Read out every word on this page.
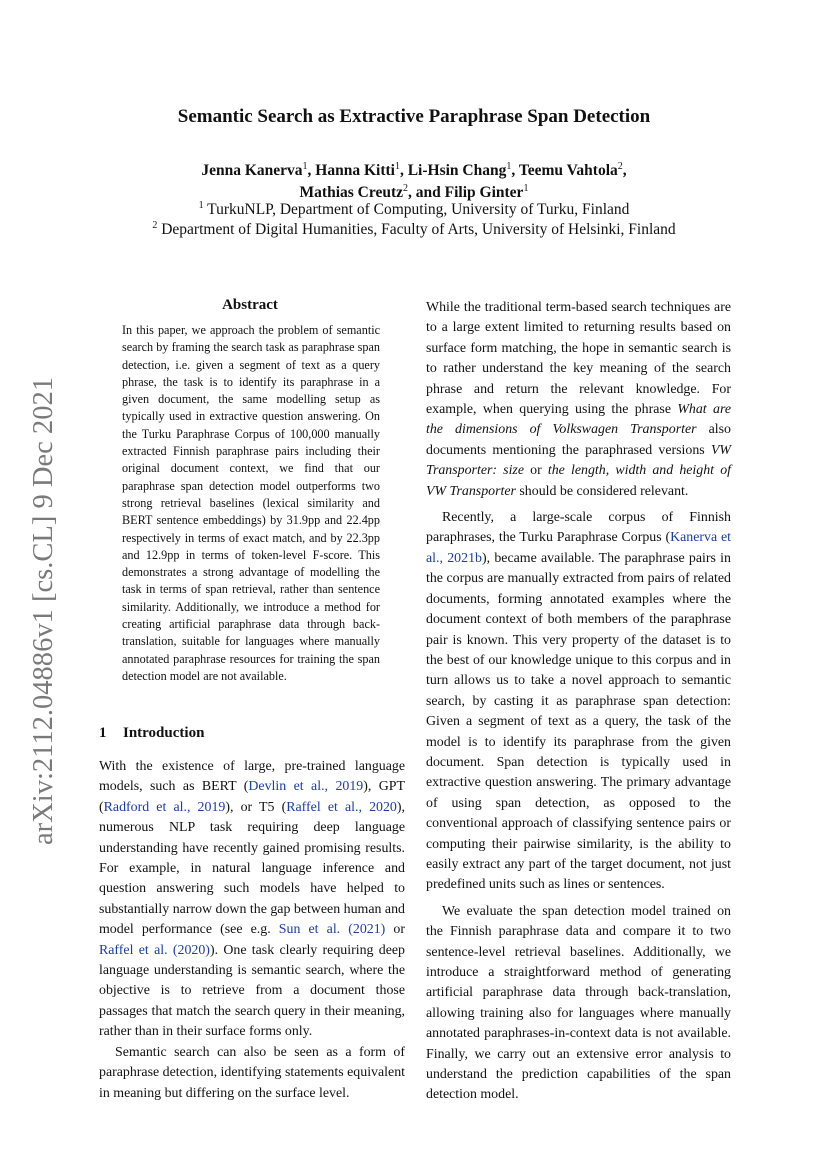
arXiv:2112.04886v1 [cs.CL] 9 Dec 2021
Semantic Search as Extractive Paraphrase Span Detection
Jenna Kanerva$^1$, Hanna Kitti$^1$, Li-Hsin Chang$^1$, Teemu Vahtola$^2$,
Mathias Creutz$^2$, and Filip Ginter$^1$
$^1$ TurkuNLP, Department of Computing, University of Turku, Finland
$^2$ Department of Digital Humanities, Faculty of Arts, University of Helsinki, Finland
Abstract

In this paper, we approach the problem of semantic search by framing the search task as paraphrase span detection, i.e. given a segment of text as a query phrase, the task is to identify its paraphrase in a given document, the same modelling setup as typically used in extractive question answering. On the Turku Paraphrase Corpus of 100,000 manually extracted Finnish paraphrase pairs including their original document context, we find that our paraphrase span detection model outperforms two strong retrieval baselines (lexical similarity and BERT sentence embeddings) by 31.9pp and 22.4pp respectively in terms of exact match, and by 22.3pp and 12.9pp in terms of token-level F-score. This demonstrates a strong advantage of modelling the task in terms of span retrieval, rather than sentence similarity. Additionally, we introduce a method for creating artificial paraphrase data through back-translation, suitable for languages where manually annotated paraphrase resources for training the span detection model are not available.

1 Introduction

With the existence of large, pre-trained language models, such as BERT (Devlin et al., 2019), GPT (Radford et al., 2019), or T5 (Raffel et al., 2020), numerous NLP task requiring deep language understanding have recently gained promising results. For example, in natural language inference and question answering such models have helped to substantially narrow down the gap between human and model performance (see e.g. Sun et al. (2021) or Raffel et al. (2020)). One task clearly requiring deep language understanding is semantic search, where the objective is to retrieve from a document those passages that match the search query in their meaning, rather than in their surface forms only.

Semantic search can also be seen as a form of paraphrase detection, identifying statements equivalent in meaning but differing on the surface level.

While the traditional term-based search techniques are to a large extent limited to returning results based on surface form matching, the hope in semantic search is to rather understand the key meaning of the search phrase and return the relevant knowledge. For example, when querying using the phrase What are the dimensions of Volkswagen Transporter also documents mentioning the paraphrased versions VW Transporter: size or the length, width and height of VW Transporter should be considered relevant.

Recently, a large-scale corpus of Finnish paraphrases, the Turku Paraphrase Corpus (Kanerva et al., 2021b), became available. The paraphrase pairs in the corpus are manually extracted from pairs of related documents, forming annotated examples where the document context of both members of the paraphrase pair is known. This very property of the dataset is to the best of our knowledge unique to this corpus and in turn allows us to take a novel approach to semantic search, by casting it as paraphrase span detection: Given a segment of text as a query, the task of the model is to identify its paraphrase from the given document. Span detection is typically used in extractive question answering. The primary advantage of using span detection, as opposed to the conventional approach of classifying sentence pairs or computing their pairwise similarity, is the ability to easily extract any part of the target document, not just predefined units such as lines or sentences.

We evaluate the span detection model trained on the Finnish paraphrase data and compare it to two sentence-level retrieval baselines. Additionally, we introduce a straightforward method of generating artificial paraphrase data through back-translation, allowing training also for languages where manually annotated paraphrases-in-context data is not available. Finally, we carry out an extensive error analysis to understand the prediction capabilities of the span detection model.
